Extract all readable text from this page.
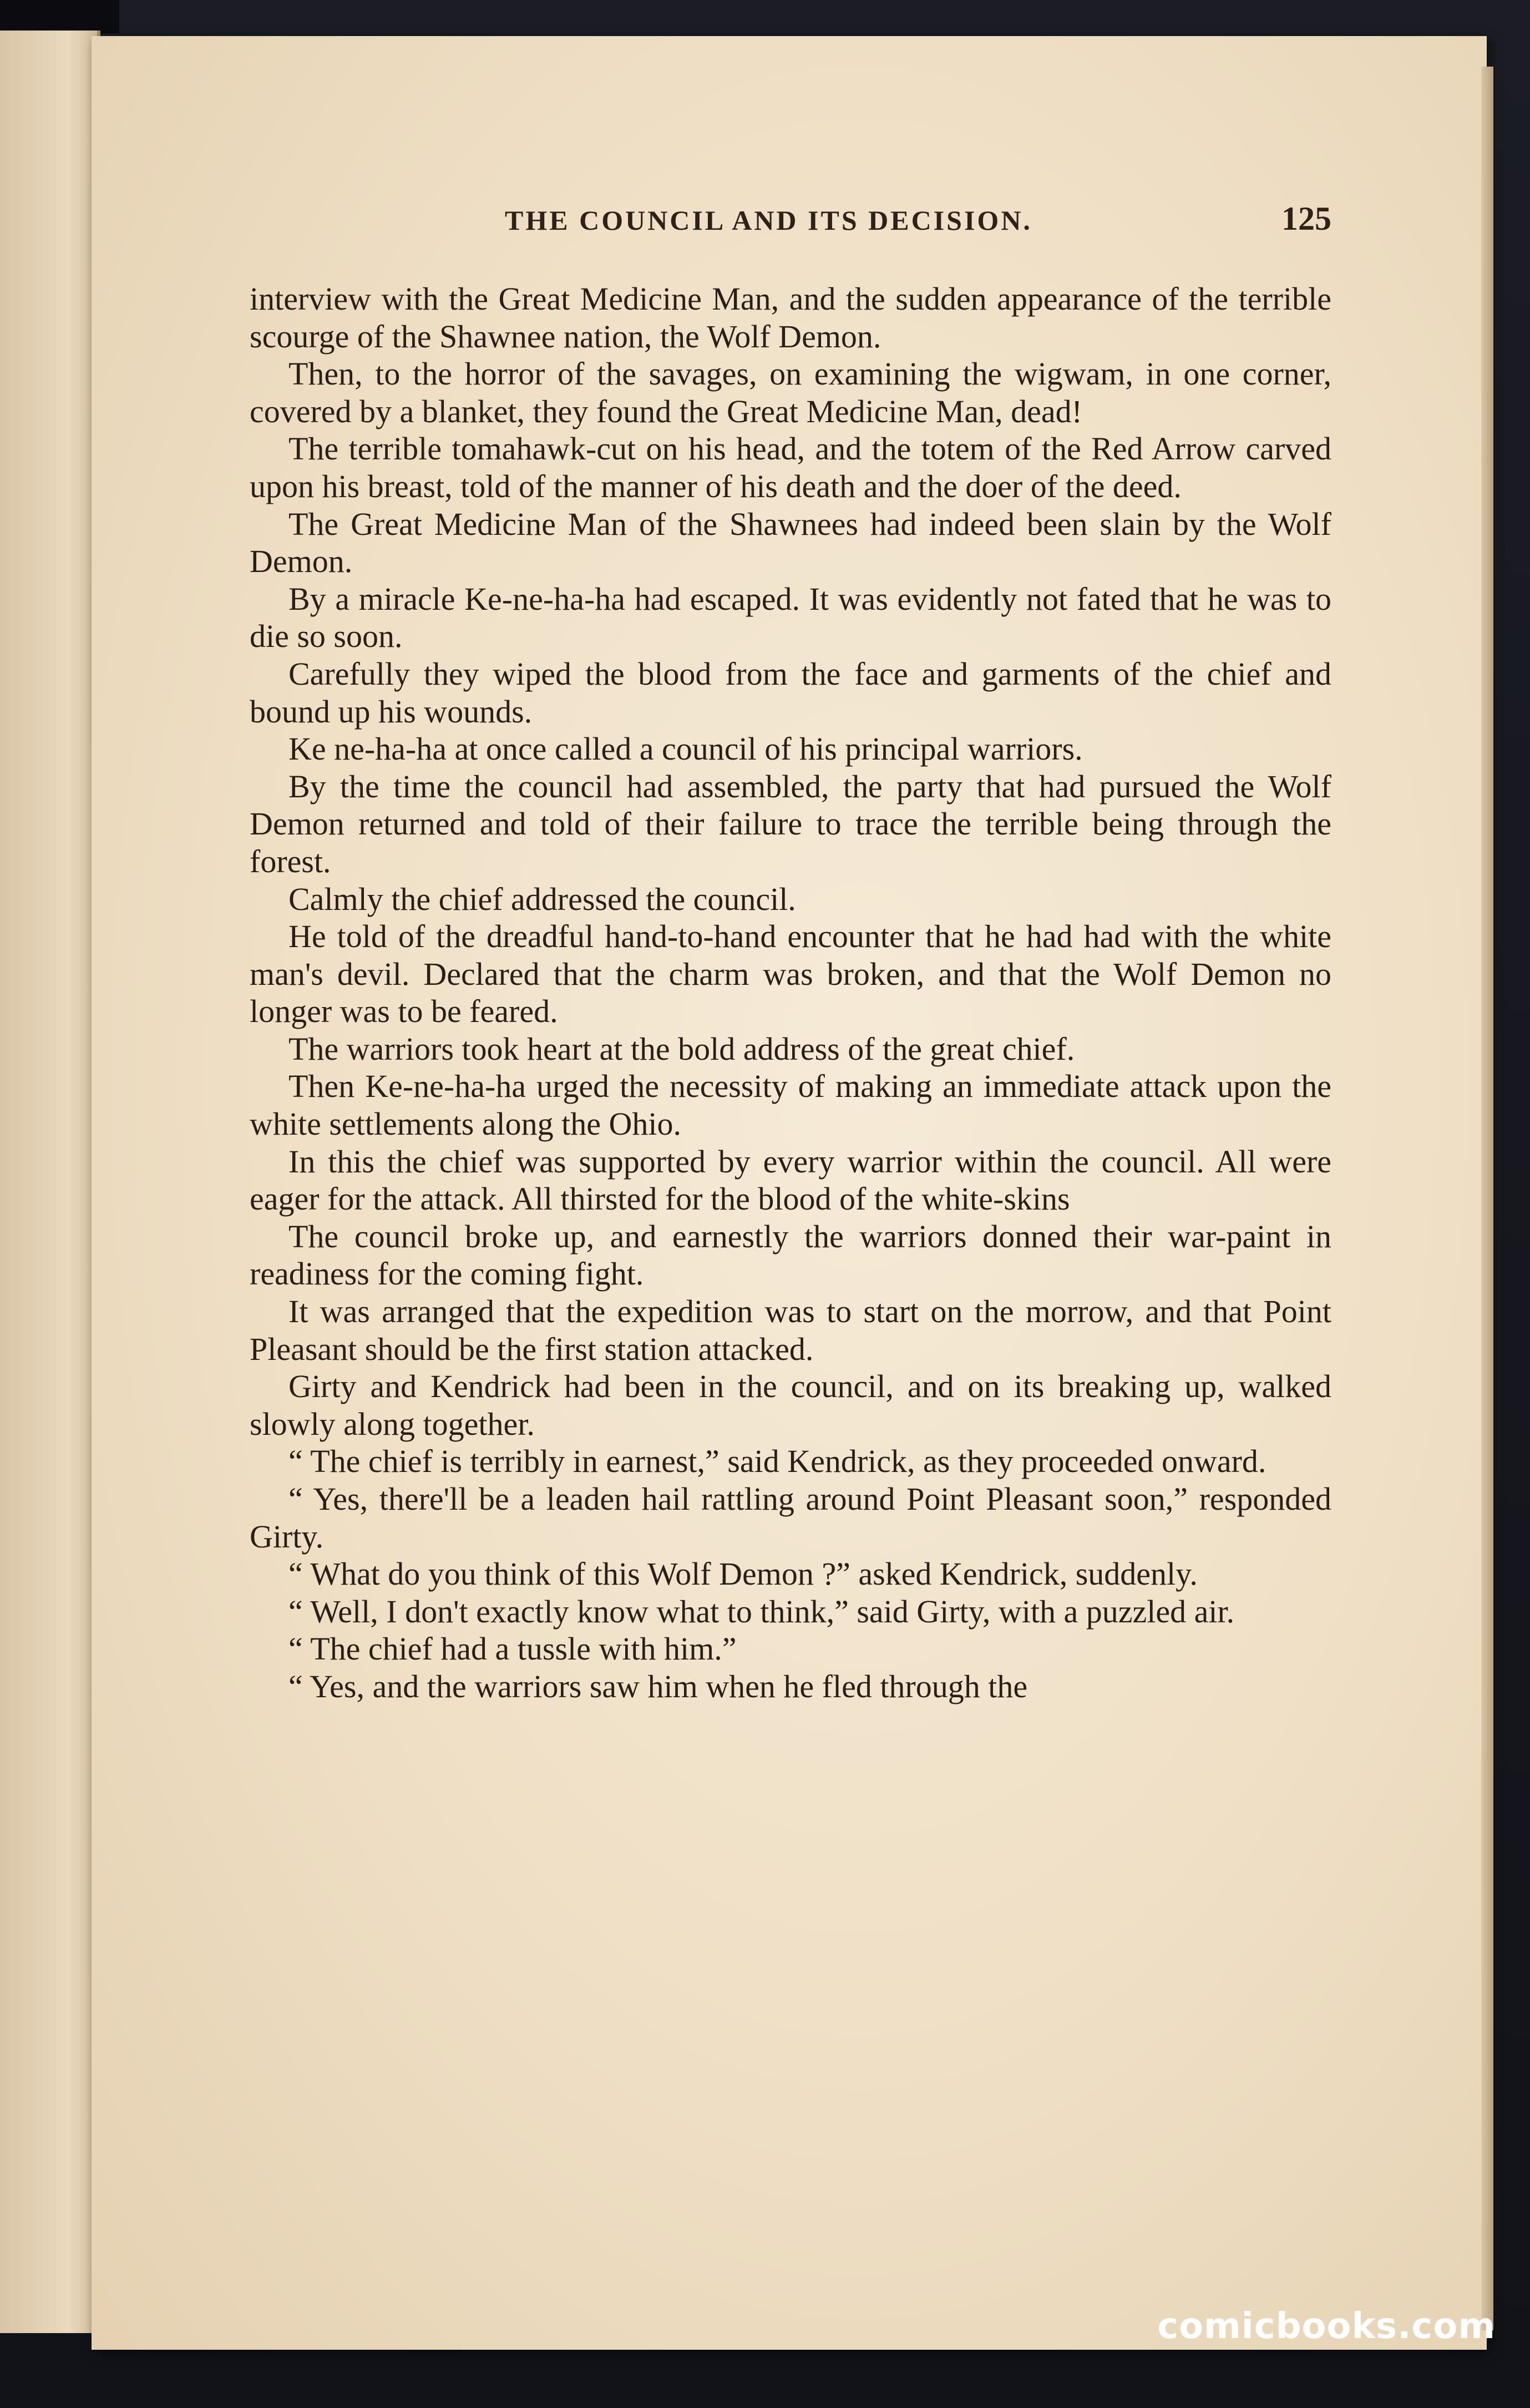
THE COUNCIL AND ITS DECISION.	125

interview with the Great Medicine Man, and the sudden appearance of the terrible scourge of the Shawnee nation, the Wolf Demon.

Then, to the horror of the savages, on examining the wigwam, in one corner, covered by a blanket, they found the Great Medicine Man, dead!

The terrible tomahawk-cut on his head, and the totem of the Red Arrow carved upon his breast, told of the manner of his death and the doer of the deed.

The Great Medicine Man of the Shawnees had indeed been slain by the Wolf Demon.

By a miracle Ke-ne-ha-ha had escaped. It was evidently not fated that he was to die so soon.

Carefully they wiped the blood from the face and garments of the chief and bound up his wounds.

Ke ne-ha-ha at once called a council of his principal warriors.

By the time the council had assembled, the party that had pursued the Wolf Demon returned and told of their failure to trace the terrible being through the forest.

Calmly the chief addressed the council.

He told of the dreadful hand-to-hand encounter that he had had with the white man's devil. Declared that the charm was broken, and that the Wolf Demon no longer was to be feared.

The warriors took heart at the bold address of the great chief.

Then Ke-ne-ha-ha urged the necessity of making an immediate attack upon the white settlements along the Ohio.

In this the chief was supported by every warrior within the council. All were eager for the attack. All thirsted for the blood of the white-skins

The council broke up, and earnestly the warriors donned their war-paint in readiness for the coming fight.

It was arranged that the expedition was to start on the morrow, and that Point Pleasant should be the first station attacked.

Girty and Kendrick had been in the council, and on its breaking up, walked slowly along together.

“ The chief is terribly in earnest,” said Kendrick, as they proceeded onward.

“ Yes, there'll be a leaden hail rattling around Point Pleasant soon,” responded Girty.

“ What do you think of this Wolf Demon ?” asked Kendrick, suddenly.

“ Well, I don't exactly know what to think,” said Girty, with a puzzled air.

“ The chief had a tussle with him.”

“ Yes, and the warriors saw him when he fled through the

comicbooks.com
